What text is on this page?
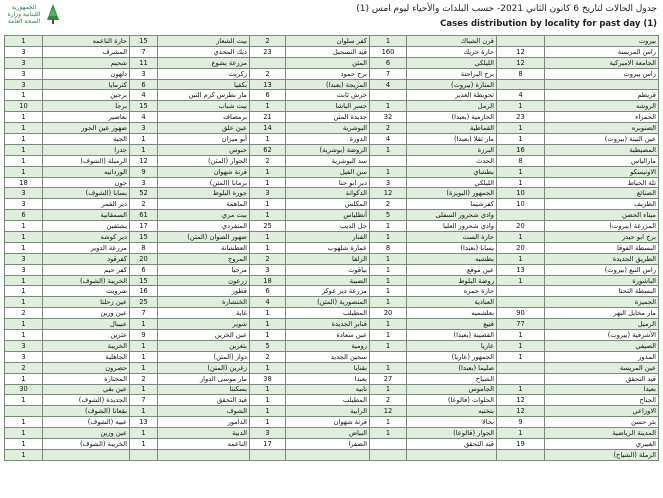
الجمهورية اللبنانية وزارة الصحة العامة
جدول الحالات لتاريخ 6 كانون الثاني 2021- حسب البلدات والأحياء ليوم امس (1)
Cases distribution by locality for past day (1)
1	حارة الناعمه	15	بيت الشعار	2	كفر سلوان	1	قرن الشباك		بيروت
3	المشرف	7	ديك المحدي	23	قيد التسجيل	160	حارة حريك	12	راس المريسة
3	شحيم	11	مزرعة يشوع		المتن	6	الليلكي	12	الجامعة الاميركية
3	دلهون	3	زكريت	2	برج حمود	7	برج البراجنة	8	راس بيروت
3	كترمايا	6	بكفيا	13	المريجة (بعبدا)	4	المنارة (بيروت)		
1	برجين	4	مار بطرس كرم التين	6	حرش ثابت		تحويطة الغدير	4	قريطم
10	برجا	15	بيت شباب	1	جسر الباشا	1	الرمل	1	الروشه
1	بعاصير	4	برمصاف	21	جديدة المتن	32	الحازمية (بعبدا)	23	الحمراء
1	ضهور عين الحور	3	عين علق	14	البوشرية	2	القماطية	1	الصنوبره
1	الجية	1	أبو ميزان	1	الدورة	4	مار تقلا (بعبدا)	1	عين التينة (بيروت)
1	جدرا	1	حبوس	62	الروضة (بوشرية)	1	البرزة	16	المصيطبة
1	الرميلة (الشوف)	12	الجوار (المتن)	2	سد البوشرية		الحدث	8	مارالياس
1	الوردانيه	9	قرنة شهوان	1	سن الفيل	1	بطشاي	1	الاونيسكو
18	جون	3	برمانا (المتن)	1	دير ابو حنا	3	الليلكي	1	تلة الخياط
3	بسابا (الشوف)	52	جورة البلوط	3	الدكوانة	12	الجمهور (البويزة)	10	الصنائع
3	دير القمر	2	الماهمة	1	المكلس	2	كفرشيما	10	الظريف
6	السمقانية	61	بيت مري	1	أنطلياس	5	وادي شحرور السفلى		ميناء الحصن
1	بشتفين	17	المتفردي	25	جل الديب	1	وادي شحرور العليا	20	المزرعة (بيروت)
1	دير كوشه	15	ضهور الصوان (المتن)	1	الفنار	1	حارة الست	1	برج ابو حيدر
1	مزرعة الدوير	8	العطشانة	1	عمارة شلهوب	8	بسابا (بعبدا)	20	البسطة الفوقا
3	كفرقود	20	المروج	2	الزلقا	1	بطشيه	1	الطريق الجديدة
3	كفر حيم	6	مرجبا	3	بياقوت	1	عين موقع	13	راس النبع (بيروت)
1	الخريبة (الشوف)	15	زرعون	18	الضبية	1	روضة البلوط	1	الباشورة
1	شرويت	16	قطور	6	مزرعة دير عوكر	1	حارة حمزه		البسطة التحتا
1	عين زحلتا	25	الخنشارة	4	المنصورية (المتن)	1	العبادية		الجميزة
2	عين وزين	7	غاية	1	المطيلب	20	بعلشميه	90	مار مخايل النهر
1	عبيبال	1	شوير	1	قنابر الجديدة	1	قبيع	77	الرميل
1	عثرين	9	عين الخرين	1	عين سعادة	1	القصيبة (بعبدا)	1	الأشرفية (بيروت)
3	الخريبة	1	بتغرين	5	رومية	1	عاريا	1	الصيفي
3	الجاهلية	1	دوار (المتن)	2	سجين الجديد		الجمهور (عاريا)	1	المدور
2	حصرون	1	زغرين (المتن)	1	بقنايا	1	صليما (بعبدا)		عين المريسة
1	المختارة	2	مار موسى الدوار	38	بعبدا	27	الشياح		قيد التحقق
30	عين بقي	1	بسكنتا	1	نابيه	1	الجاموس	1	بعيدا
1	الجديدة (الشوف)	7	قيد التحقق	1	المطيلب	2	الحلوات (قالوعا)	12	الجناح
	بقعاتا (الشوف)	1	الشوف	1	الرابية	12	بتخنيه	12	الاوزاعي
1	عبيه (الشوف)	13	الدامور	1	قرنة شهوان	1	بحالا	9	بئر حسن
1	عين وزين	1	الدبية	3	البياض	1	الجوار (قالوعا)	1	المدينة الرياضية
1	الخريبة (الشوف)	1	الناعمه	17	الصفرا		قيد التحقق	19	الغبيري
1									الرملة (الشياح)
